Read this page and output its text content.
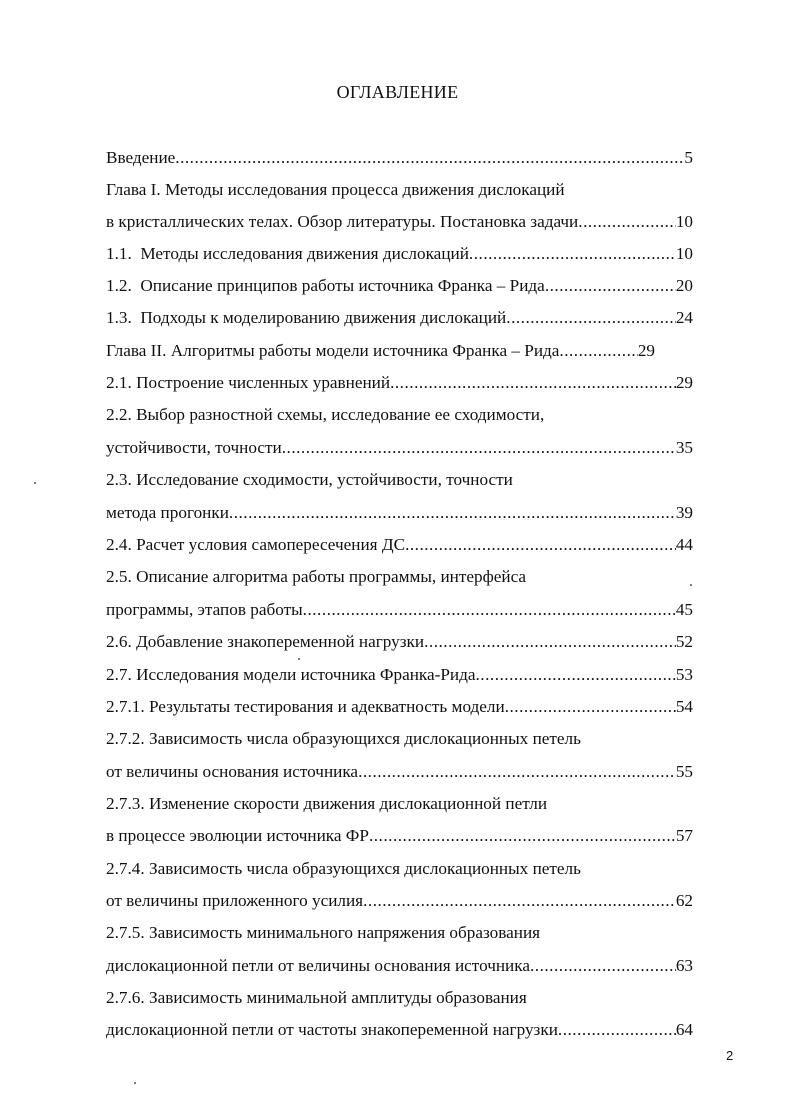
ОГЛАВЛЕНИЕ
Введение .....	5
Глава I. Методы исследования процесса движения дислокаций
в кристаллических телах. Обзор литературы. Постановка задачи .....	10
1.1.  Методы исследования движения дислокаций .....	10
1.2.  Описание принципов работы источника Франка – Рида .....	20
1.3.  Подходы к моделированию движения дислокаций .....	24
Глава II. Алгоритмы работы модели источника Франка – Рида .....	29
2.1. Построение численных уравнений .....	29
2.2. Выбор разностной схемы, исследование ее сходимости,
устойчивости, точности .....	35
2.3. Исследование сходимости, устойчивости, точности
метода прогонки .....	39
2.4. Расчет условия самопересечения ДС .....	44
2.5. Описание алгоритма работы программы, интерфейса
программы, этапов работы .....	45
2.6. Добавление знакопеременной нагрузки .....	52
2.7. Исследования модели источника Франка-Рида .....	53
2.7.1. Результаты тестирования и адекватность модели .....	54
2.7.2. Зависимость числа образующихся дислокационных петель
от величины основания источника .....	55
2.7.3. Изменение скорости движения дислокационной петли
в процессе эволюции источника ФР .....	57
2.7.4. Зависимость числа образующихся дислокационных петель
от величины приложенного усилия .....	62
2.7.5. Зависимость минимального напряжения образования
дислокационной петли от величины основания источника .....	63
2.7.6. Зависимость минимальной амплитуды образования
дислокационной петли от частоты знакопеременной нагрузки .....	64
2
